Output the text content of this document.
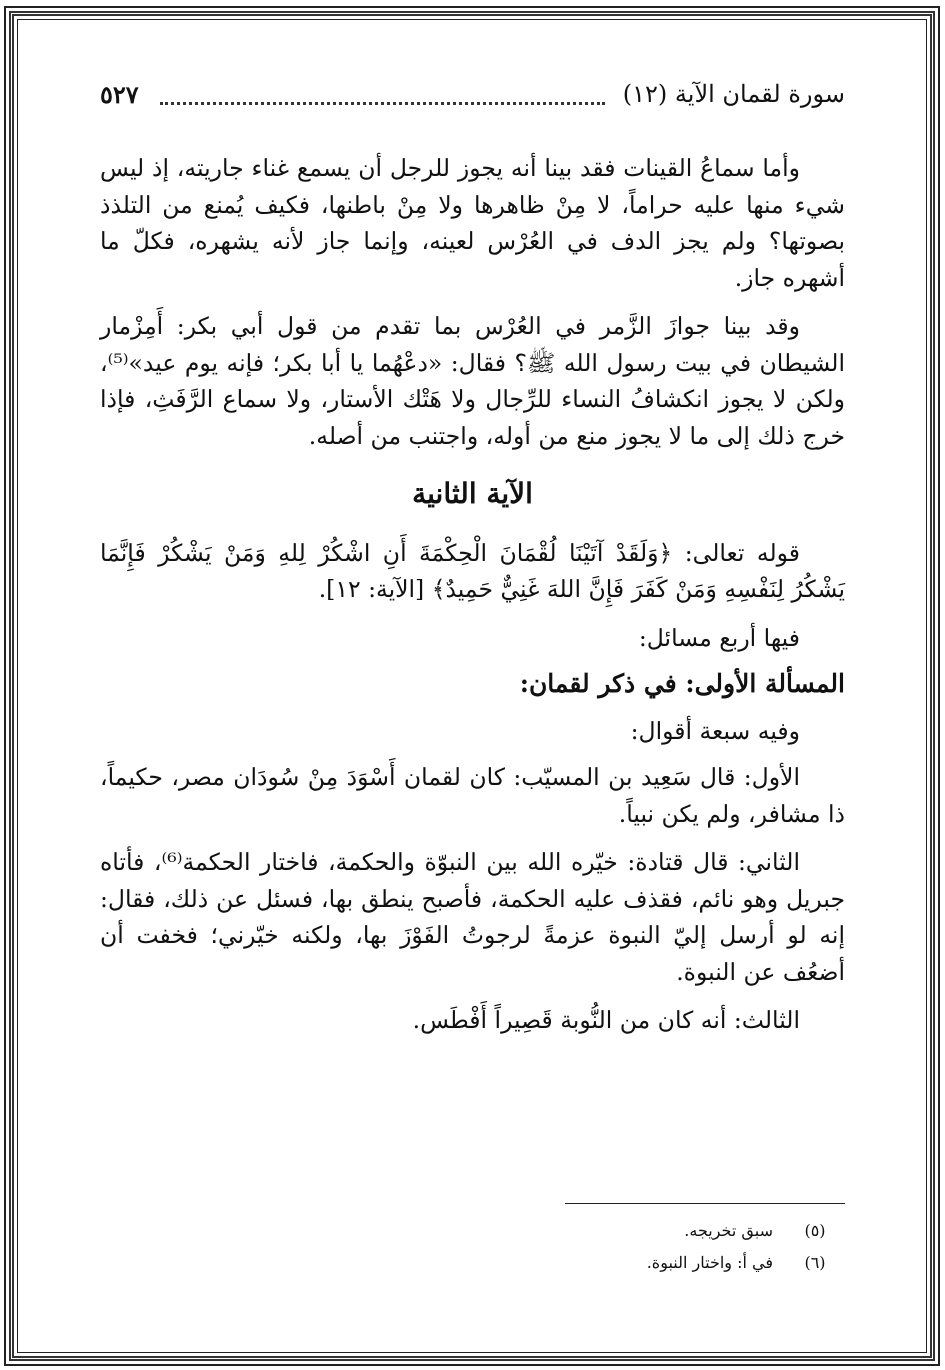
سورة لقمان الآية (١٢)
٥٢٧

وأما سماعُ القينات فقد بينا أنه يجوز للرجل أن يسمع غناء جاريته، إذ ليس شيء منها عليه حراماً، لا مِنْ ظاهرها ولا مِنْ باطنها، فكيف يُمنع من التلذذ بصوتها؟ ولم يجز الدف في العُرْس لعينه، وإنما جاز لأنه يشهره، فكلّ ما أشهره جاز.

وقد بينا جوازَ الزَّمر في العُرْس بما تقدم من قول أبي بكر: أَمِزْمار الشيطان في بيت رسول الله ﷺ؟ فقال: «دعْهُما يا أبا بكر؛ فإنه يوم عيد»⁽⁵⁾، ولكن لا يجوز انكشافُ النساء للرِّجال ولا هَتْك الأستار، ولا سماع الرَّفَثِ، فإذا خرج ذلك إلى ما لا يجوز منع من أوله، واجتنب من أصله.

الآية الثانية

قوله تعالى: ﴿وَلَقَدْ آتَيْنَا لُقْمَانَ الْحِكْمَةَ أَنِ اشْكُرْ لِلهِ وَمَنْ يَشْكُرْ فَإِنَّمَا يَشْكُرُ لِنَفْسِهِ وَمَنْ كَفَرَ فَإِنَّ اللهَ غَنِيٌّ حَمِيدٌ﴾ [الآية: ١٢].

فيها أربع مسائل:

المسألة الأولى: في ذكر لقمان:

وفيه سبعة أقوال:

الأول: قال سَعِيد بن المسيّب: كان لقمان أَسْوَدَ مِنْ سُودَان مصر، حكيماً، ذا مشافر، ولم يكن نبياً.

الثاني: قال قتادة: خيّره الله بين النبوّة والحكمة، فاختار الحكمة⁽⁶⁾، فأتاه جبريل وهو نائم، فقذف عليه الحكمة، فأصبح ينطق بها، فسئل عن ذلك، فقال: إنه لو أرسل إليّ النبوة عزمةً لرجوتُ الفَوْزَ بها، ولكنه خيّرني؛ فخفت أن أضعُف عن النبوة.

الثالث: أنه كان من النُّوبة قَصِيراً أَفْطَس.

(٥)
سبق تخريجه.
(٦)
في أ: واختار النبوة.
